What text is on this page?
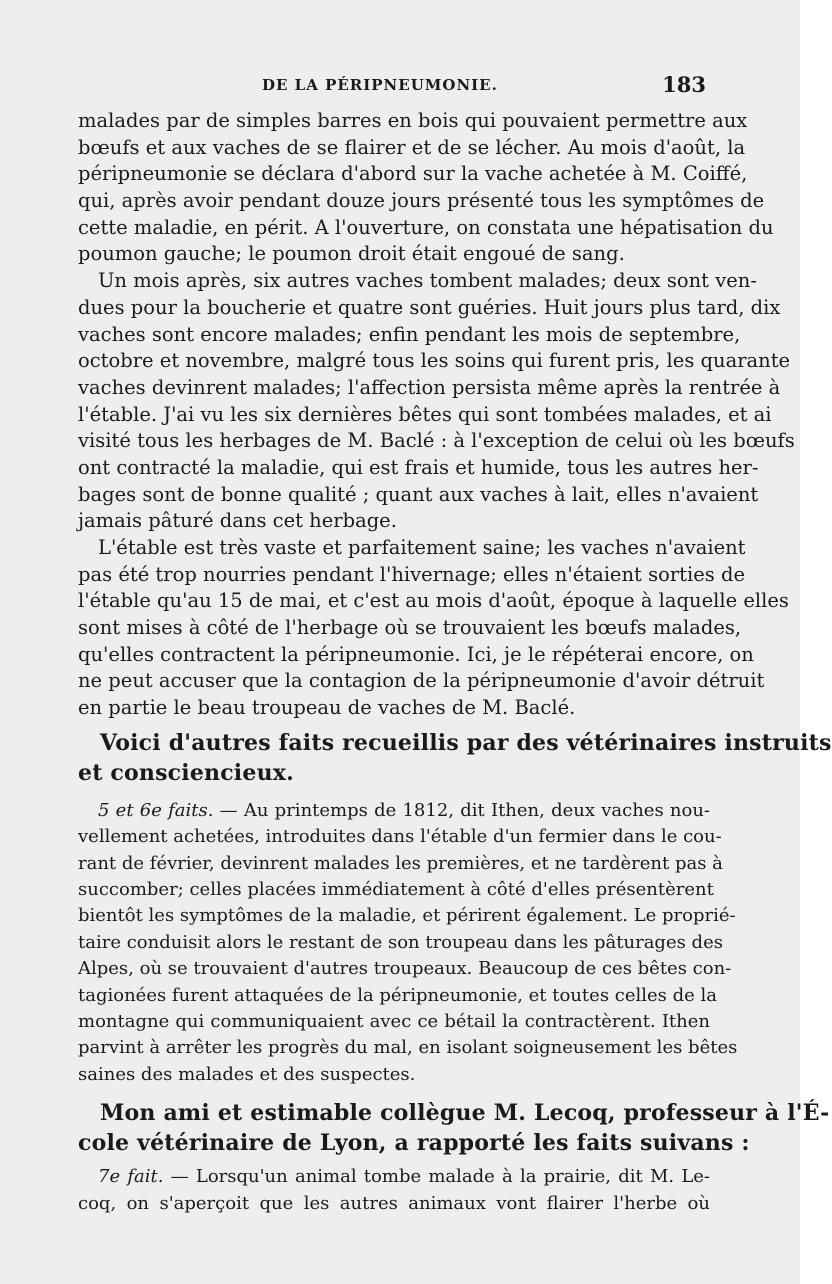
DE LA PÉRIPNEUMONIE.	183
malades par de simples barres en bois qui pouvaient permettre aux
bœufs et aux vaches de se flairer et de se lécher. Au mois d'août, la
péripneumonie se déclara d'abord sur la vache achetée à M. Coiffé,
qui, après avoir pendant douze jours présenté tous les symptômes de
cette maladie, en périt. A l'ouverture, on constata une hépatisation du
poumon gauche; le poumon droit était engoué de sang.
Un mois après, six autres vaches tombent malades; deux sont ven-
dues pour la boucherie et quatre sont guéries. Huit jours plus tard, dix
vaches sont encore malades; enfin pendant les mois de septembre,
octobre et novembre, malgré tous les soins qui furent pris, les quarante
vaches devinrent malades; l'affection persista même après la rentrée à
l'étable. J'ai vu les six dernières bêtes qui sont tombées malades, et ai
visité tous les herbages de M. Baclé : à l'exception de celui où les bœufs
ont contracté la maladie, qui est frais et humide, tous les autres her-
bages sont de bonne qualité ; quant aux vaches à lait, elles n'avaient
jamais pâturé dans cet herbage.
L'étable est très vaste et parfaitement saine; les vaches n'avaient
pas été trop nourries pendant l'hivernage; elles n'étaient sorties de
l'étable qu'au 15 de mai, et c'est au mois d'août, époque à laquelle elles
sont mises à côté de l'herbage où se trouvaient les bœufs malades,
qu'elles contractent la péripneumonie. Ici, je le répéterai encore, on
ne peut accuser que la contagion de la péripneumonie d'avoir détruit
en partie le beau troupeau de vaches de M. Baclé.
Voici d'autres faits recueillis par des vétérinaires instruits
et consciencieux.
5 et 6e faits. — Au printemps de 1812, dit Ithen, deux vaches nou-
vellement achetées, introduites dans l'étable d'un fermier dans le cou-
rant de février, devinrent malades les premières, et ne tardèrent pas à
succomber; celles placées immédiatement à côté d'elles présentèrent
bientôt les symptômes de la maladie, et périrent également. Le proprié-
taire conduisit alors le restant de son troupeau dans les pâturages des
Alpes, où se trouvaient d'autres troupeaux. Beaucoup de ces bêtes con-
tagionées furent attaquées de la péripneumonie, et toutes celles de la
montagne qui communiquaient avec ce bétail la contractèrent. Ithen
parvint à arrêter les progrès du mal, en isolant soigneusement les bêtes
saines des malades et des suspectes.
Mon ami et estimable collègue M. Lecoq, professeur à l'É-
cole vétérinaire de Lyon, a rapporté les faits suivans :
7e fait. — Lorsqu'un animal tombe malade à la prairie, dit M. Le-
coq, on s'aperçoit que les autres animaux vont flairer l'herbe où
